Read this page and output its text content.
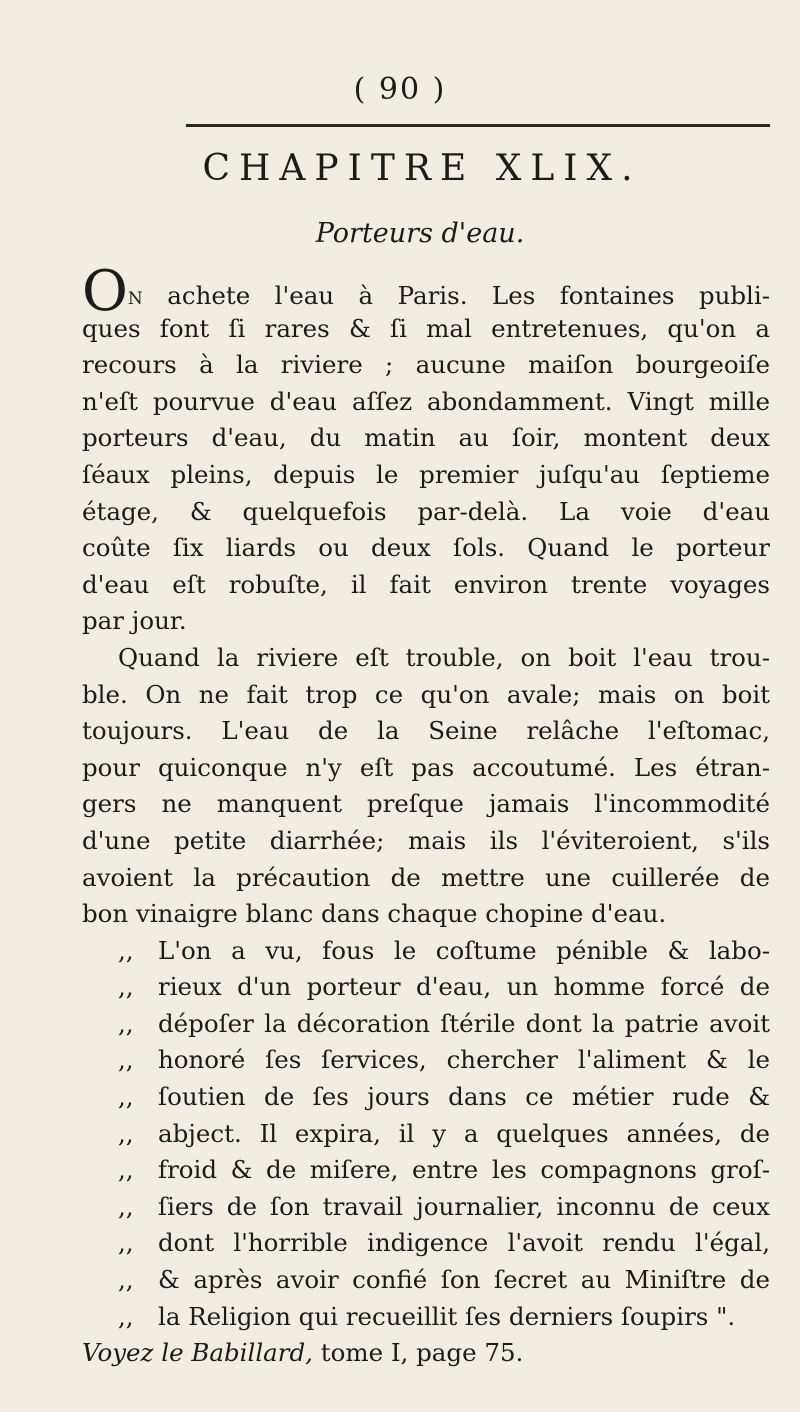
( 90 )
CHAPITRE XLIX.
Porteurs d'eau.
ON achete l'eau à Paris. Les fontaines publi-
ques font ſi rares & ſi mal entretenues, qu'on a
recours à la riviere ; aucune maiſon bourgeoiſe
n'eſt pourvue d'eau aſſez abondamment. Vingt mille
porteurs d'eau, du matin au ſoir, montent deux
ſéaux pleins, depuis le premier juſqu'au ſeptieme
étage, & quelquefois par-delà. La voie d'eau
coûte ſix liards ou deux ſols. Quand le porteur
d'eau eſt robuſte, il fait environ trente voyages
par jour.
Quand la riviere eſt trouble, on boit l'eau trou-
ble. On ne fait trop ce qu'on avale; mais on boit
toujours. L'eau de la Seine relâche l'eſtomac,
pour quiconque n'y eſt pas accoutumé. Les étran-
gers ne manquent preſque jamais l'incommodité
d'une petite diarrhée; mais ils l'éviteroient, s'ils
avoient la précaution de mettre une cuillerée de
bon vinaigre blanc dans chaque chopine d'eau.
,, L'on a vu, fous le coſtume pénible & labo-
,, rieux d'un porteur d'eau, un homme forcé de
,, dépoſer la décoration ſtérile dont la patrie avoit
,, honoré ſes ſervices, chercher l'aliment & le
,, ſoutien de ſes jours dans ce métier rude &
,, abject. Il expira, il y a quelques années, de
,, froid & de miſere, entre les compagnons groſ-
,, ſiers de ſon travail journalier, inconnu de ceux
,, dont l'horrible indigence l'avoit rendu l'égal,
,, & après avoir confié ſon ſecret au Miniſtre de
,, la Religion qui recueillit ſes derniers ſoupirs ".
Voyez le Babillard, tome I, page 75.
